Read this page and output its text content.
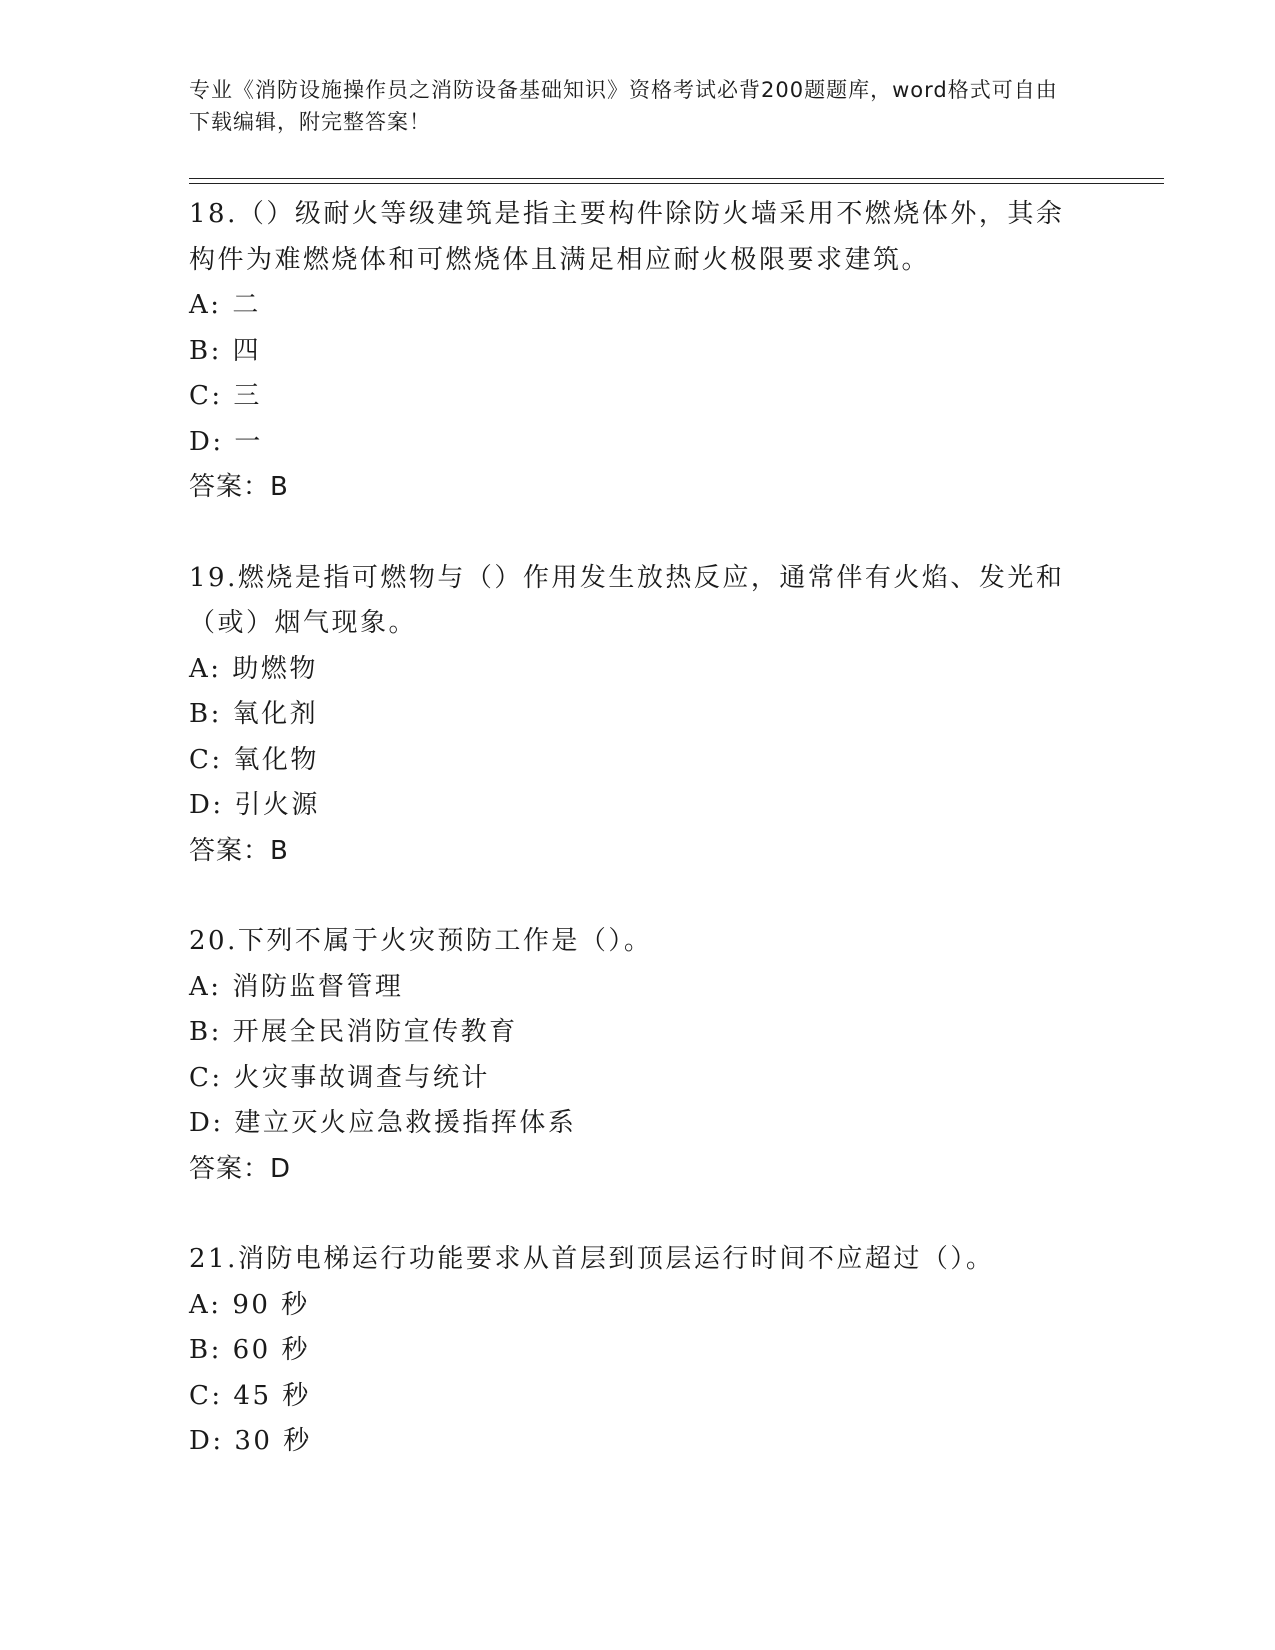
专业《消防设施操作员之消防设备基础知识》资格考试必背200题题库，word格式可自由下载编辑，附完整答案！

18.（）级耐火等级建筑是指主要构件除防火墙采用不燃烧体外，其余构件为难燃烧体和可燃烧体且满足相应耐火极限要求建筑。

A: 二

B: 四

C: 三

D: 一

答案：B

19.燃烧是指可燃物与（）作用发生放热反应，通常伴有火焰、发光和（或）烟气现象。

A: 助燃物

B: 氧化剂

C: 氧化物

D: 引火源

答案：B

20.下列不属于火灾预防工作是（）。

A: 消防监督管理

B: 开展全民消防宣传教育

C: 火灾事故调查与统计

D: 建立灭火应急救援指挥体系

答案：D

21.消防电梯运行功能要求从首层到顶层运行时间不应超过（）。

A: 90 秒

B: 60 秒

C: 45 秒

D: 30 秒
